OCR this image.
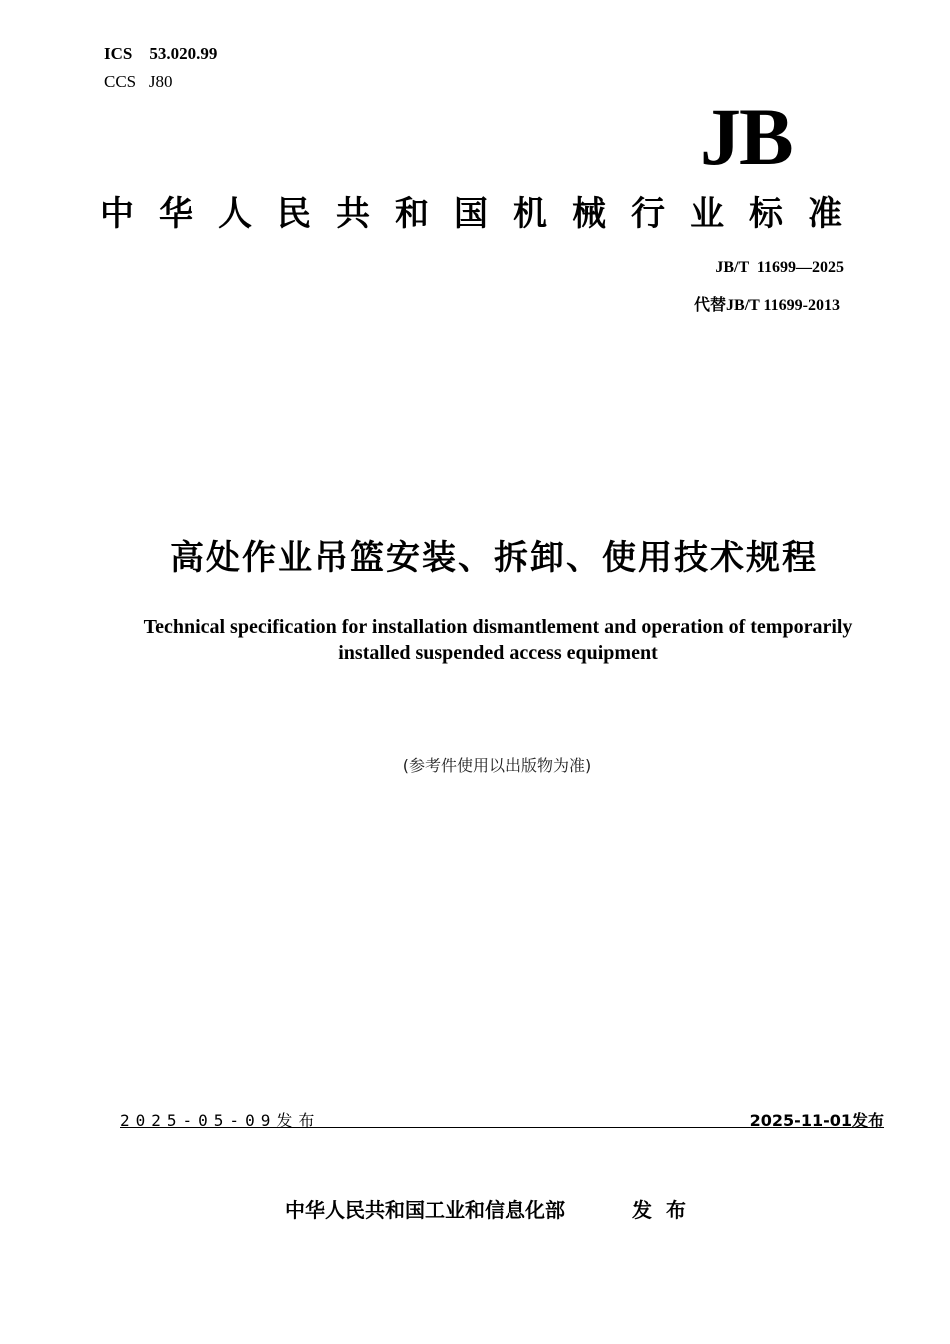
ICS    53.020.99
CCS   J80
JB
中华人民共和国机械行业标准
JB/T  11699—2025
代替JB/T 11699-2013
高处作业吊篮安装、拆卸、使用技术规程
Technical specification for installation dismantlement and operation of temporarily installed suspended access equipment
(参考件使用以出版物为准)
2025-05-09发布	2025-11-01发布
中华人民共和国工业和信息化部	发布
